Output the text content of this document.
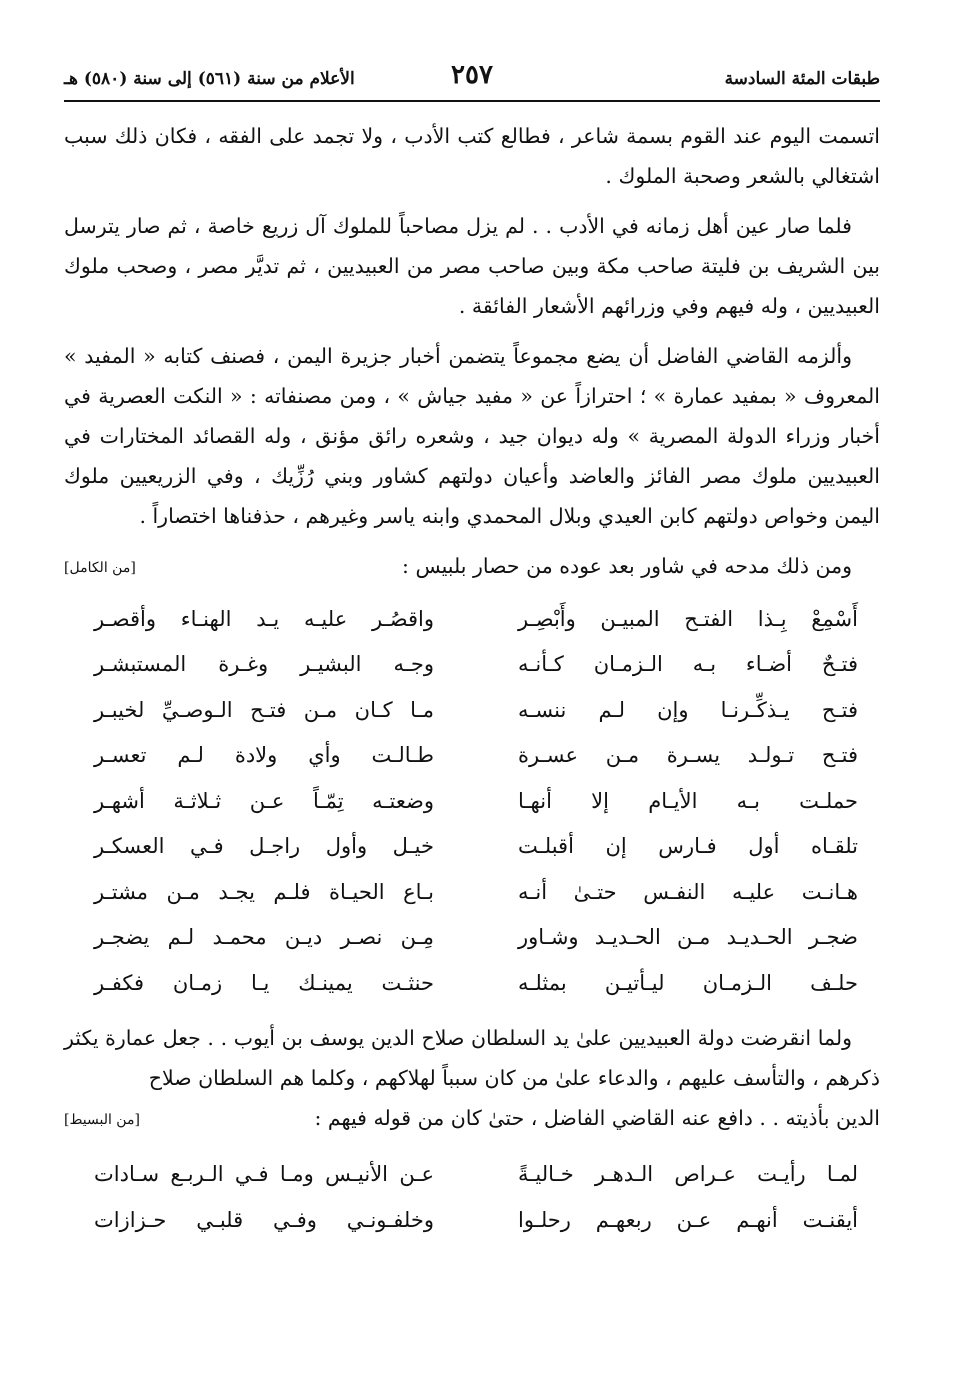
طبقات المئة السادسة
٢٥٧
الأعلام من سنة (٥٦١) إلى سنة (٥٨٠) هـ

اتسمت اليوم عند القوم بسمة شاعر ، فطالع كتب الأدب ، ولا تجمد على الفقه ، فكان ذلك سبب اشتغالي بالشعر وصحبة الملوك .

فلما صار عين أهل زمانه في الأدب . . لم يزل مصاحباً للملوك آل زريع خاصة ، ثم صار يترسل بين الشريف بن فليتة صاحب مكة وبين صاحب مصر من العبيديين ، ثم تديَّر مصر ، وصحب ملوك العبيديين ، وله فيهم وفي وزرائهم الأشعار الفائقة .

وألزمه القاضي الفاضل أن يضع مجموعاً يتضمن أخبار جزيرة اليمن ، فصنف كتابه « المفيد » المعروف « بمفيد عمارة » ؛ احترازاً عن « مفيد جياش » ، ومن مصنفاته : « النكت العصرية في أخبار وزراء الدولة المصرية » وله ديوان جيد ، وشعره رائق مؤنق ، وله القصائد المختارات في العبيديين ملوك مصر الفائز والعاضد وأعيان دولتهم كشاور وبني رُزِّيك ، وفي الزريعيين ملوك اليمن وخواص دولتهم كابن العيدي وبلال المحمدي وابنه ياسر وغيرهم ، حذفناها اختصاراً .

ومن ذلك مدحه في شاور بعد عوده من حصار بلبيس :
[من الكامل]
أَسْمِعْ بِـذا الفتـح المبيـن وأَبْصِـر
واقصُـر عليـه يـد الهنـاء وأقصـر
فتـحٌ أضـاء بـه الـزمـان كـأنـه
وجـه البشيـر وغـرة المستبشـر
فتـح يـذكِّـرنـا وإن لـم ننسـه
مـا كـان مـن فتـح الـوصـيِّ لخيبـر
فتـح تـولـد يسـرة مـن عسـرة
طـالـت وأي ولادة لـم تعسـر
حملـت بـه الأيـام إلا أنهـا
وضعتـه تِمّـاً عـن ثـلاثـة أشهـر
تلقـاه أول فـارس إن أقبلـت
خيـل وأول راجـل فـي العسكـر
هـانـت عليـه النفـس حتـىٰ أنـه
بـاع الحيـاة فلـم يجـد مـن مشتـر
ضجـر الحـديـد مـن الحـديـد وشـاور
مِـن نصـر ديـن محمـد لـم يضجـر
حلـف الـزمـان ليـأتيـن بمثلـه
حنثـت يمينـك يـا زمـان فكفـر

ولما انقرضت دولة العبيديين علىٰ يد السلطان صلاح الدين يوسف بن أيوب . . جعل عمارة يكثر ذكرهم ، والتأسف عليهم ، والدعاء علىٰ من كان سبباً لهلاكهم ، وكلما هم السلطان صلاح

الدين بأذيته . . دافع عنه القاضي الفاضل ، حتىٰ كان من قوله فيهم :
[من البسيط]
لمـا رأيـت عـراص الـدهـر خـاليـةً
عـن الأنيـس ومـا فـي الـربـع سـادات
أيقنـت أنهـم عـن ربعهـم رحلـوا
وخلفـونـي وفـي قلبـي حـزازات
